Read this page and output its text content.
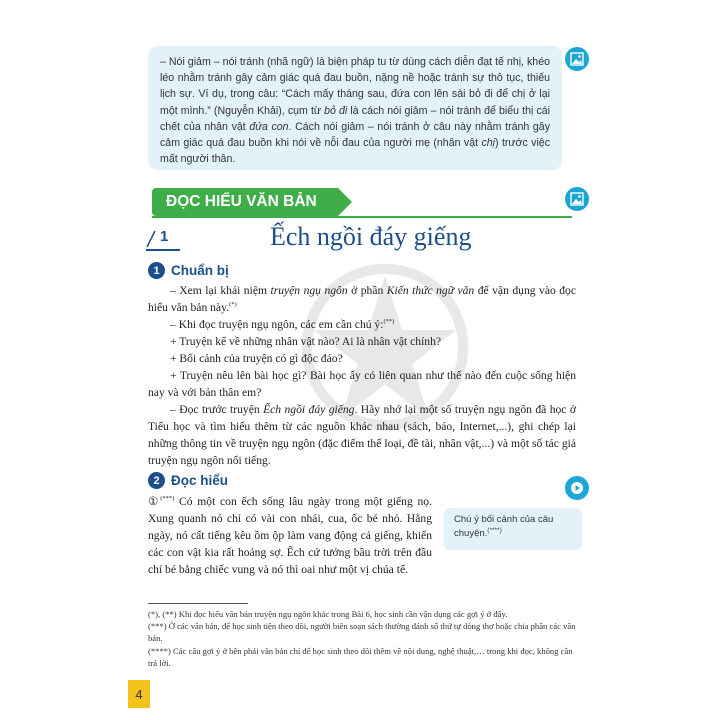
– Nói giảm – nói tránh (nhã ngữ) là biện pháp tu từ dùng cách diễn đạt tế nhị, khéo léo nhằm tránh gây cảm giác quá đau buồn, nặng nề hoặc tránh sự thô tục, thiếu lịch sự. Ví dụ, trong câu: “Cách mấy tháng sau, đứa con lên sài bỏ đi để chị ở lại một mình.” (Nguyễn Khải), cụm từ bỏ đi là cách nói giảm – nói tránh để biểu thị cái chết của nhân vật đứa con. Cách nói giảm – nói tránh ở câu này nhằm tránh gây cảm giác quá đau buồn khi nói về nỗi đau của người mẹ (nhân vật chị) trước việc mất người thân.
ĐỌC HIỂU VĂN BẢN
1	Ếch ngồi đáy giếng
1 Chuẩn bị

– Xem lại khái niệm truyện ngụ ngôn ở phần Kiến thức ngữ văn để vận dụng vào đọc hiểu văn bản này.(*)

– Khi đọc truyện ngụ ngôn, các em cần chú ý:(**)

+ Truyện kể về những nhân vật nào? Ai là nhân vật chính?

+ Bối cảnh của truyện có gì độc đáo?

+ Truyện nêu lên bài học gì? Bài học ấy có liên quan như thế nào đến cuộc sống hiện nay và với bản thân em?

– Đọc trước truyện Ếch ngồi đáy giếng. Hãy nhớ lại một số truyện ngụ ngôn đã học ở Tiểu học và tìm hiểu thêm từ các nguồn khác nhau (sách, báo, Internet,...), ghi chép lại những thông tin về truyện ngụ ngôn (đặc điểm thể loại, đề tài, nhân vật,...) và một số tác giả truyện ngụ ngôn nổi tiếng.

2 Đọc hiểu

①(***) Có một con ếch sống lâu ngày trong một giếng nọ. Xung quanh nó chỉ có vài con nhái, cua, ốc bé nhỏ. Hằng ngày, nó cất tiếng kêu ồm ộp làm vang động cả giếng, khiến các con vật kia rất hoảng sợ. Ếch cứ tưởng bầu trời trên đầu chỉ bé bằng chiếc vung và nó thì oai như một vị chúa tể.

Chú ý bối cảnh của câu chuyện.(****)

(*), (**) Khi đọc hiểu văn bản truyện ngụ ngôn khác trong Bài 6, học sinh cần vận dụng các gợi ý ở đây.

(***) Ở các văn bản, để học sinh tiện theo dõi, người biên soạn sách thường đánh số thứ tự dòng thơ hoặc chia phần các văn bản.

(****) Các câu gợi ý ở bên phải văn bản chỉ để học sinh theo dõi thêm về nội dung, nghệ thuật,… trong khi đọc, không cần trả lời.

4
